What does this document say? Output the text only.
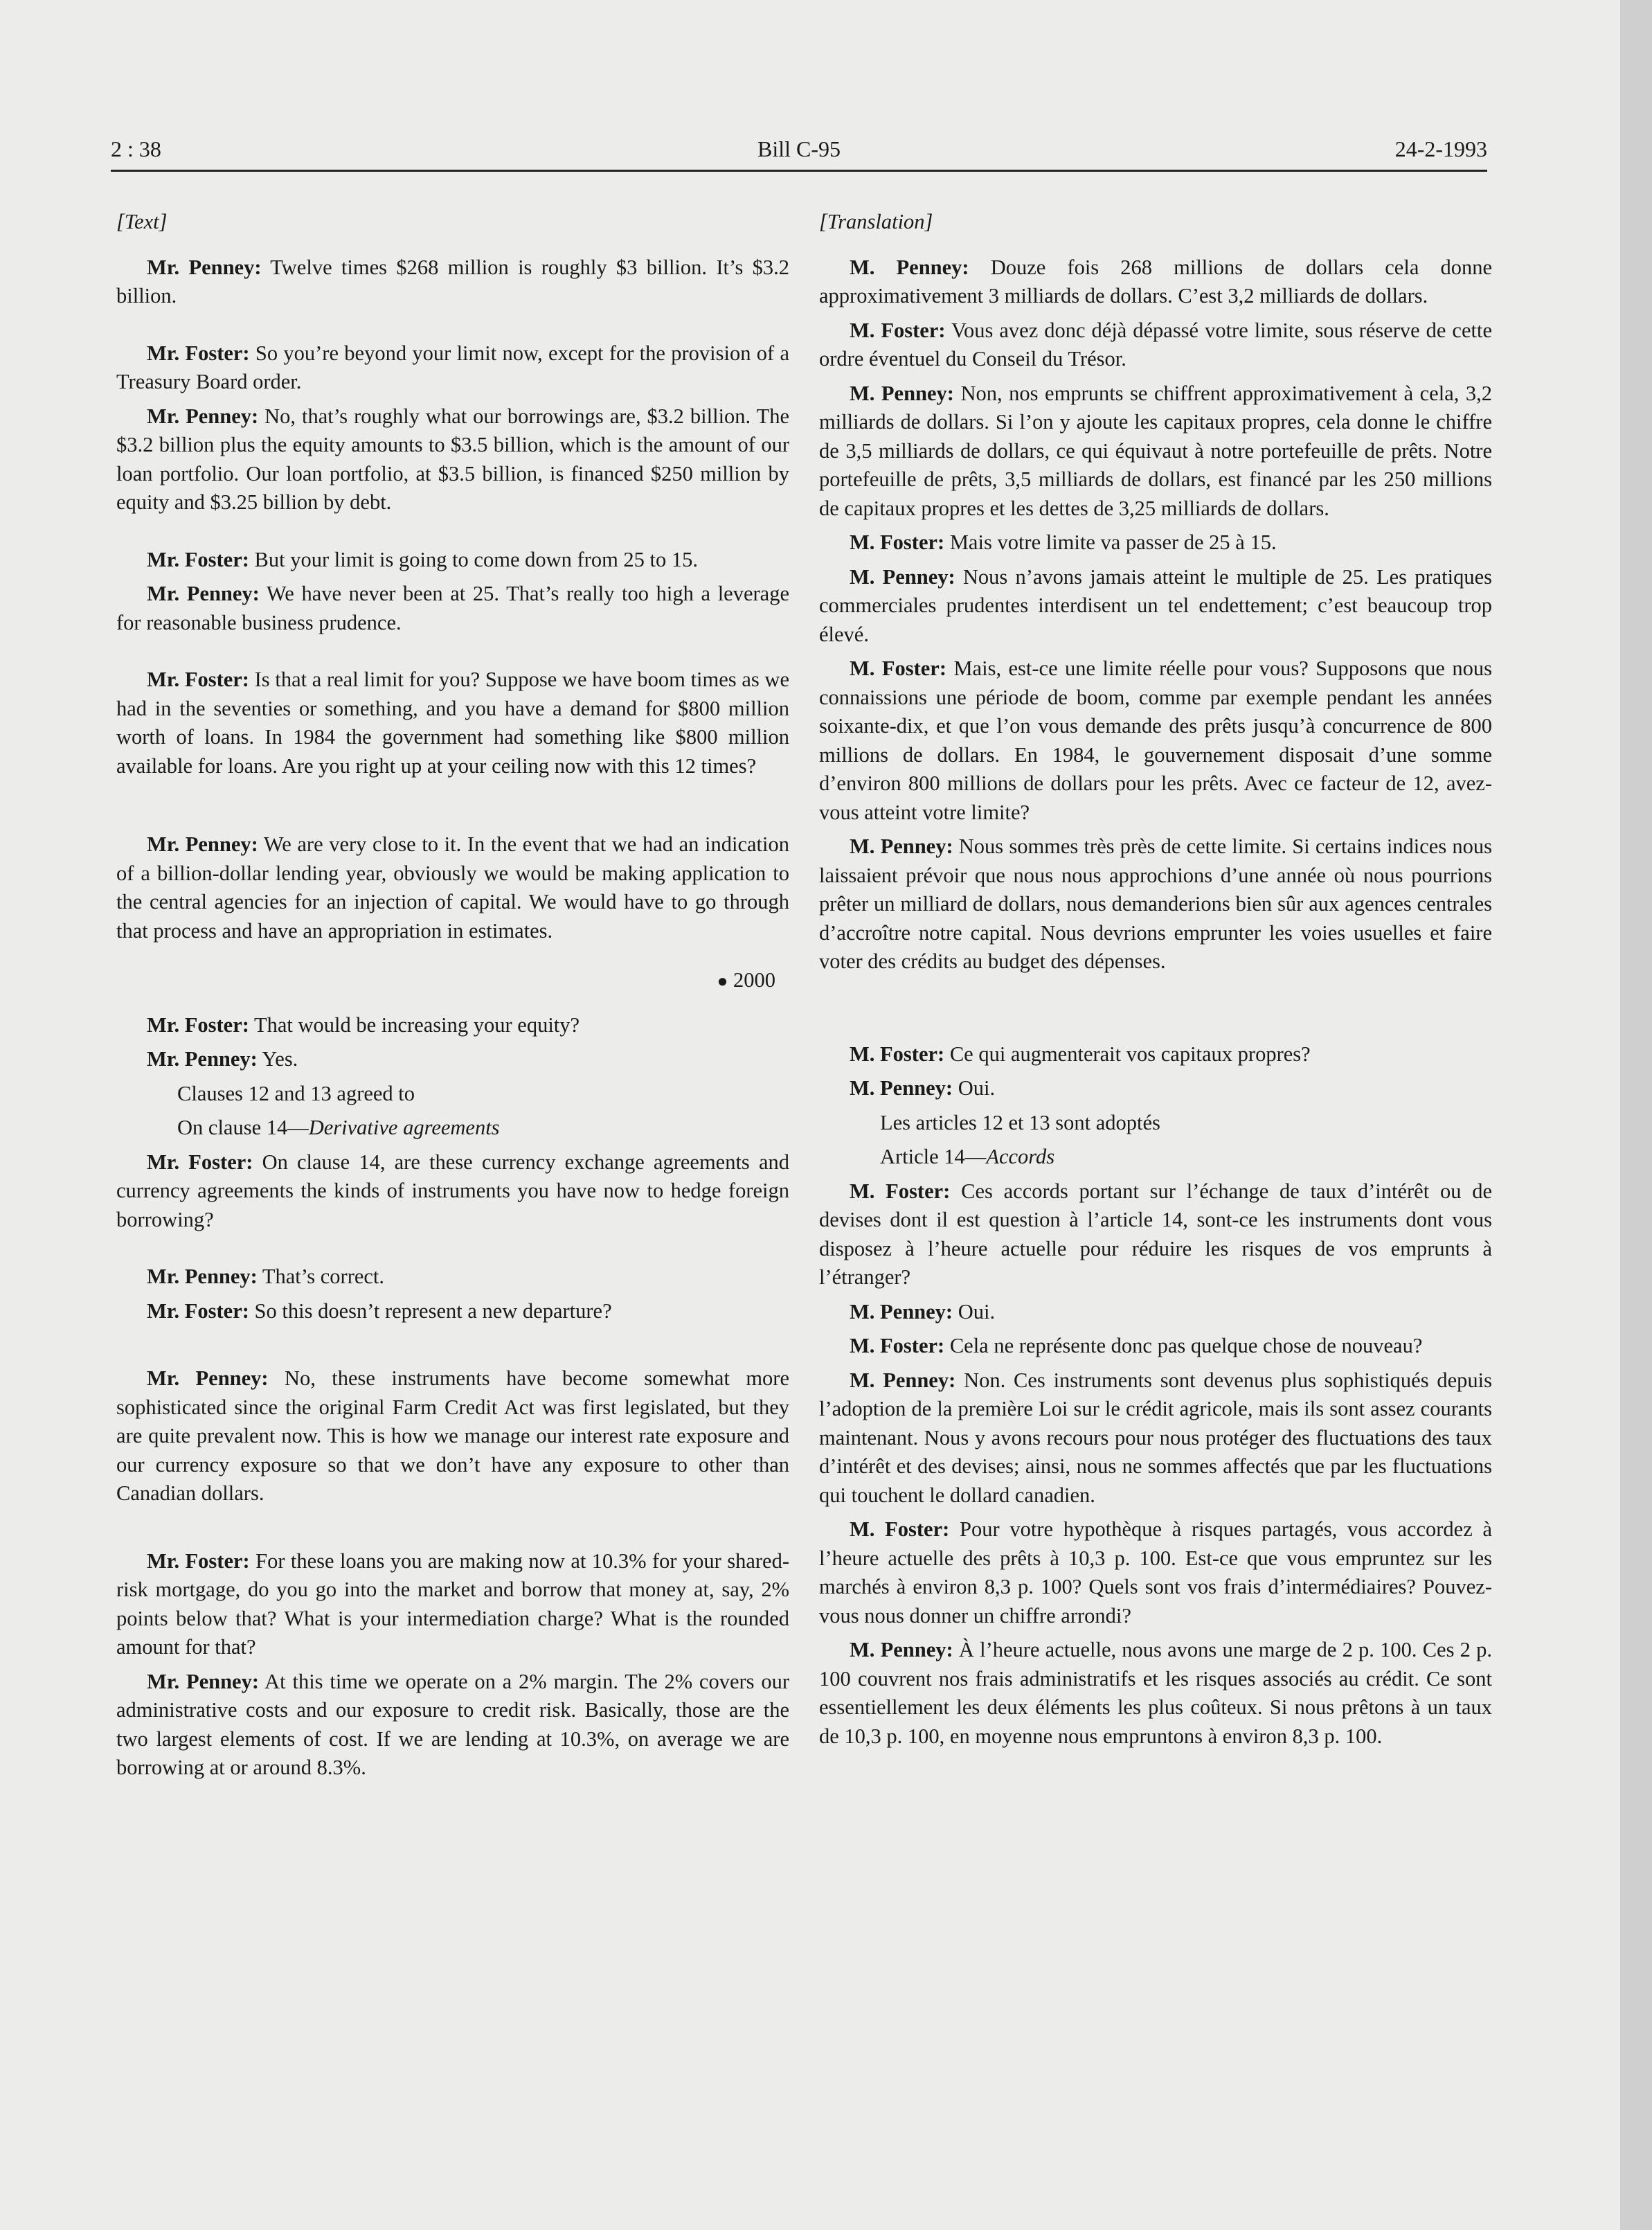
2 : 38	Bill C-95	24-2-1993
[Text]

Mr. Penney: Twelve times $268 million is roughly $3 billion. It’s $3.2 billion.

Mr. Foster: So you’re beyond your limit now, except for the provision of a Treasury Board order.

Mr. Penney: No, that’s roughly what our borrowings are, $3.2 billion. The $3.2 billion plus the equity amounts to $3.5 billion, which is the amount of our loan portfolio. Our loan portfolio, at $3.5 billion, is financed $250 million by equity and $3.25 billion by debt.

Mr. Foster: But your limit is going to come down from 25 to 15.

Mr. Penney: We have never been at 25. That’s really too high a leverage for reasonable business prudence.

Mr. Foster: Is that a real limit for you? Suppose we have boom times as we had in the seventies or something, and you have a demand for $800 million worth of loans. In 1984 the government had something like $800 million available for loans. Are you right up at your ceiling now with this 12 times?

Mr. Penney: We are very close to it. In the event that we had an indication of a billion-dollar lending year, obviously we would be making application to the central agencies for an injection of capital. We would have to go through that process and have an appropriation in estimates.

● 2000

Mr. Foster: That would be increasing your equity?

Mr. Penney: Yes.

Clauses 12 and 13 agreed to

On clause 14—Derivative agreements

Mr. Foster: On clause 14, are these currency exchange agreements and currency agreements the kinds of instruments you have now to hedge foreign borrowing?

Mr. Penney: That’s correct.

Mr. Foster: So this doesn’t represent a new departure?

Mr. Penney: No, these instruments have become somewhat more sophisticated since the original Farm Credit Act was first legislated, but they are quite prevalent now. This is how we manage our interest rate exposure and our currency exposure so that we don’t have any exposure to other than Canadian dollars.

Mr. Foster: For these loans you are making now at 10.3% for your shared-risk mortgage, do you go into the market and borrow that money at, say, 2% points below that? What is your intermediation charge? What is the rounded amount for that?

Mr. Penney: At this time we operate on a 2% margin. The 2% covers our administrative costs and our exposure to credit risk. Basically, those are the two largest elements of cost. If we are lending at 10.3%, on average we are borrowing at or around 8.3%.

[Translation]

M. Penney: Douze fois 268 millions de dollars cela donne approximativement 3 milliards de dollars. C’est 3,2 milliards de dollars.

M. Foster: Vous avez donc déjà dépassé votre limite, sous réserve de cette ordre éventuel du Conseil du Trésor.

M. Penney: Non, nos emprunts se chiffrent approximativement à cela, 3,2 milliards de dollars. Si l’on y ajoute les capitaux propres, cela donne le chiffre de 3,5 milliards de dollars, ce qui équivaut à notre portefeuille de prêts. Notre portefeuille de prêts, 3,5 milliards de dollars, est financé par les 250 millions de capitaux propres et les dettes de 3,25 milliards de dollars.

M. Foster: Mais votre limite va passer de 25 à 15.

M. Penney: Nous n’avons jamais atteint le multiple de 25. Les pratiques commerciales prudentes interdisent un tel endettement; c’est beaucoup trop élevé.

M. Foster: Mais, est-ce une limite réelle pour vous? Supposons que nous connaissions une période de boom, comme par exemple pendant les années soixante-dix, et que l’on vous demande des prêts jusqu’à concurrence de 800 millions de dollars. En 1984, le gouvernement disposait d’une somme d’environ 800 millions de dollars pour les prêts. Avec ce facteur de 12, avez-vous atteint votre limite?

M. Penney: Nous sommes très près de cette limite. Si certains indices nous laissaient prévoir que nous nous approchions d’une année où nous pourrions prêter un milliard de dollars, nous demanderions bien sûr aux agences centrales d’accroître notre capital. Nous devrions emprunter les voies usuelles et faire voter des crédits au budget des dépenses.

M. Foster: Ce qui augmenterait vos capitaux propres?

M. Penney: Oui.

Les articles 12 et 13 sont adoptés

Article 14—Accords

M. Foster: Ces accords portant sur l’échange de taux d’intérêt ou de devises dont il est question à l’article 14, sont-ce les instruments dont vous disposez à l’heure actuelle pour réduire les risques de vos emprunts à l’étranger?

M. Penney: Oui.

M. Foster: Cela ne représente donc pas quelque chose de nouveau?

M. Penney: Non. Ces instruments sont devenus plus sophistiqués depuis l’adoption de la première Loi sur le crédit agricole, mais ils sont assez courants maintenant. Nous y avons recours pour nous protéger des fluctuations des taux d’intérêt et des devises; ainsi, nous ne sommes affectés que par les fluctuations qui touchent le dollard canadien.

M. Foster: Pour votre hypothèque à risques partagés, vous accordez à l’heure actuelle des prêts à 10,3 p. 100. Est-ce que vous empruntez sur les marchés à environ 8,3 p. 100? Quels sont vos frais d’intermédiaires? Pouvez-vous nous donner un chiffre arrondi?

M. Penney: À l’heure actuelle, nous avons une marge de 2 p. 100. Ces 2 p. 100 couvrent nos frais administratifs et les risques associés au crédit. Ce sont essentiellement les deux éléments les plus coûteux. Si nous prêtons à un taux de 10,3 p. 100, en moyenne nous empruntons à environ 8,3 p. 100.
